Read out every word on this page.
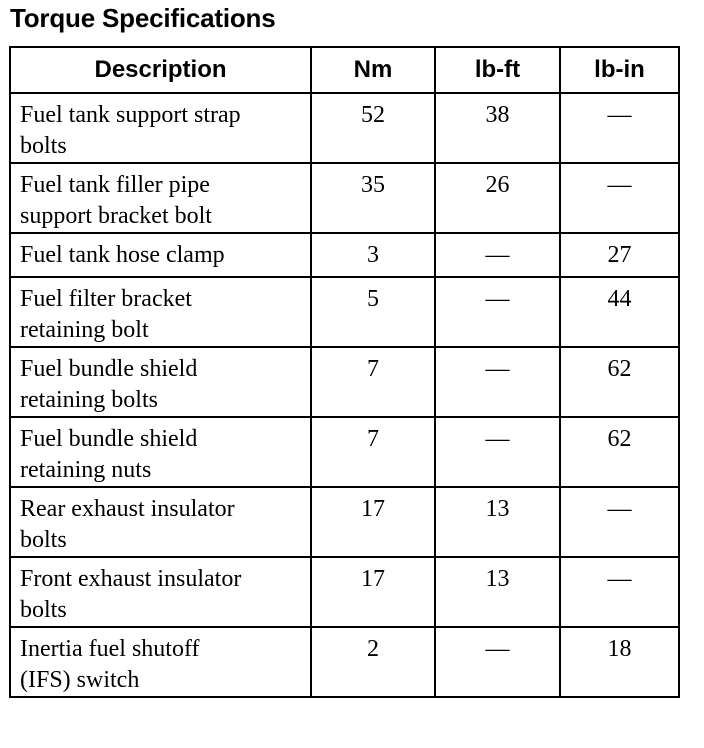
Torque Specifications
Description	Nm	lb-ft	lb-in

Fuel tank support strap
bolts	52	38	—

Fuel tank filler pipe
support bracket bolt	35	26	—

Fuel tank hose clamp	3	—	27

Fuel filter bracket
retaining bolt	5	—	44

Fuel bundle shield
retaining bolts	7	—	62

Fuel bundle shield
retaining nuts	7	—	62

Rear exhaust insulator
bolts	17	13	—

Front exhaust insulator
bolts	17	13	—

Inertia fuel shutoff
(IFS) switch	2	—	18
